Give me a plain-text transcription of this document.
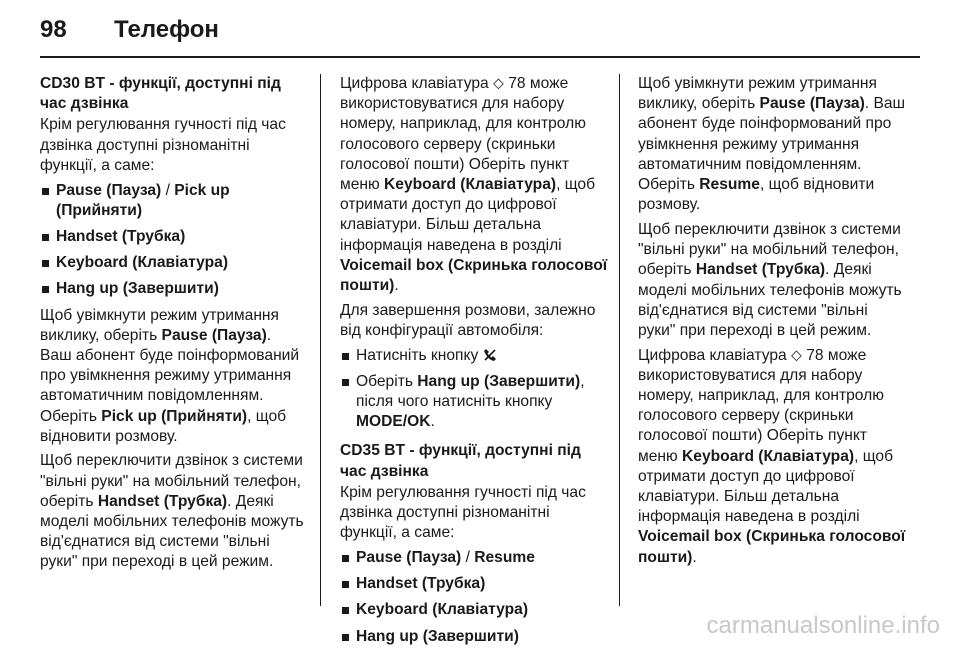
98 Телефон
CD30 BT - функції, доступні під час дзвінка

Крім регулювання гучності під час дзвінка доступні різноманітні функції, а саме:

Pause (Пауза) / Pick up (Прийняти)
Handset (Трубка)
Keyboard (Клавіатура)
Hang up (Завершити)

Щоб увімкнути режим утримання виклику, оберіть Pause (Пауза). Ваш абонент буде поінформований про увімкнення режиму утримання автоматичним повідомленням. Оберіть Pick up (Прийняти), щоб відновити розмову.

Щоб переключити дзвінок з системи "вільні руки" на мобільний телефон, оберіть Handset (Трубка). Деякі моделі мобільних телефонів можуть від'єднатися від системи "вільні руки" при переході в цей режим.

Цифрова клавіатура ⬦ 78 може використовуватися для набору номеру, наприклад, для контролю голосового серверу (скриньки голосової пошти) Оберіть пункт меню Keyboard (Клавіатура), щоб отримати доступ до цифрової клавіатури. Більш детальна інформація наведена в розділі Voicemail box (Скринька голосової пошти).

Для завершення розмови, залежно від конфігурації автомобіля:

Натисніть кнопку
Оберіть Hang up (Завершити), після чого натисніть кнопку MODE/OK.
CD35 BT - функції, доступні під час дзвінка

Крім регулювання гучності під час дзвінка доступні різноманітні функції, а саме:

Pause (Пауза) / Resume
Handset (Трубка)
Keyboard (Клавіатура)
Hang up (Завершити)

Щоб увімкнути режим утримання виклику, оберіть Pause (Пауза). Ваш абонент буде поінформований про увімкнення режиму утримання автоматичним повідомленням. Оберіть Resume, щоб відновити розмову.

Щоб переключити дзвінок з системи "вільні руки" на мобільний телефон, оберіть Handset (Трубка). Деякі моделі мобільних телефонів можуть від'єднатися від системи "вільні руки" при переході в цей режим.

Цифрова клавіатура ⬦ 78 може використовуватися для набору номеру, наприклад, для контролю голосового серверу (скриньки голосової пошти) Оберіть пункт меню Keyboard (Клавіатура), щоб отримати доступ до цифрової клавіатури. Більш детальна інформація наведена в розділі Voicemail box (Скринька голосової пошти).

carmanualsonline.info
